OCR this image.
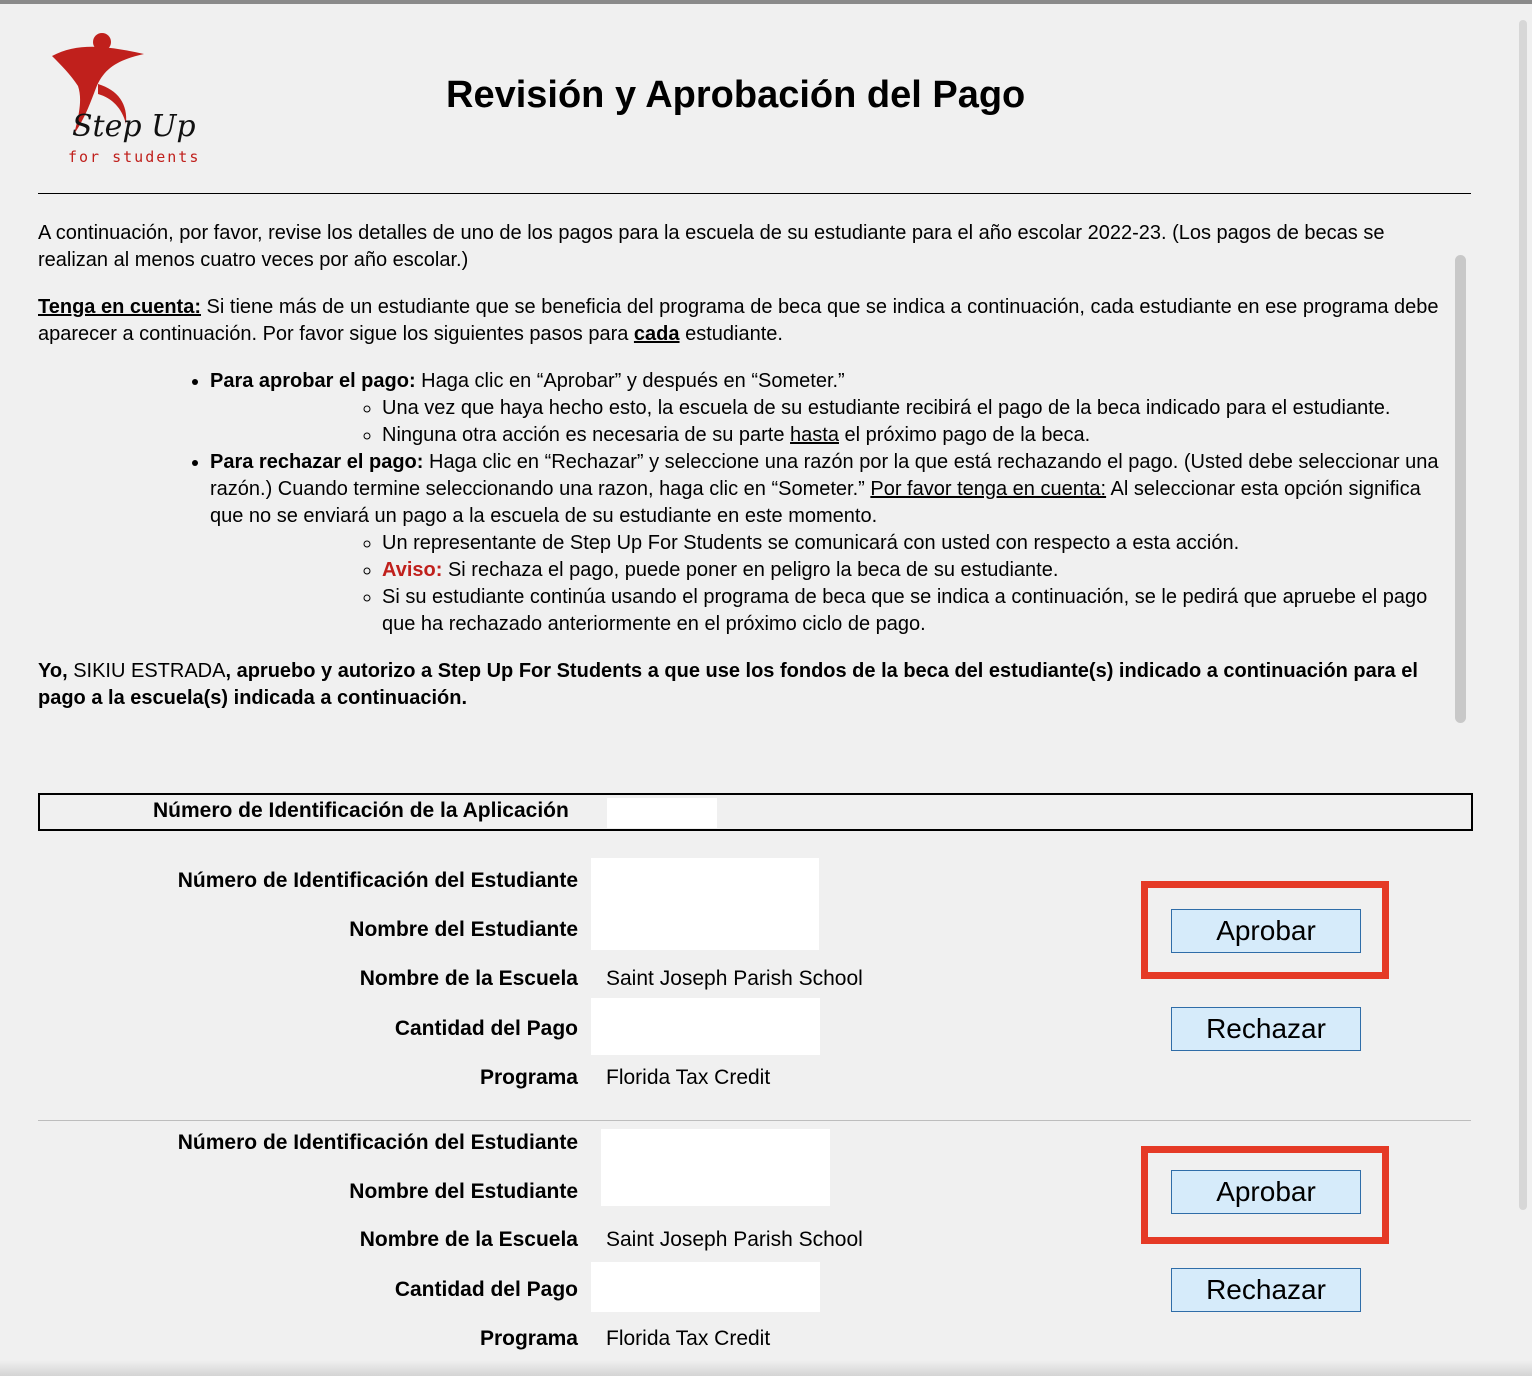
Step Up
for students
Revisión y Aprobación del Pago

A continuación, por favor, revise los detalles de uno de los pagos para la escuela de su estudiante para el año escolar 2022-23. (Los pagos de becas se realizan al menos cuatro veces por año escolar.)

Tenga en cuenta: Si tiene más de un estudiante que se beneficia del programa de beca que se indica a continuación, cada estudiante en ese programa debe aparecer a continuación. Por favor sigue los siguientes pasos para cada estudiante.

• Para aprobar el pago: Haga clic en “Aprobar” y después en “Someter.”
◦ Una vez que haya hecho esto, la escuela de su estudiante recibirá el pago de la beca indicado para el estudiante.
◦ Ninguna otra acción es necesaria de su parte hasta el próximo pago de la beca.
• Para rechazar el pago: Haga clic en “Rechazar” y seleccione una razón por la que está rechazando el pago. (Usted debe seleccionar una razón.) Cuando termine seleccionando una razon, haga clic en “Someter.” Por favor tenga en cuenta: Al seleccionar esta opción significa que no se enviará un pago a la escuela de su estudiante en este momento.
◦ Un representante de Step Up For Students se comunicará con usted con respecto a esta acción.
◦ Aviso: Si rechaza el pago, puede poner en peligro la beca de su estudiante.
◦ Si su estudiante continúa usando el programa de beca que se indica a continuación, se le pedirá que apruebe el pago que ha rechazado anteriormente en el próximo ciclo de pago.

Yo, SIKIU ESTRADA, apruebo y autorizo a Step Up For Students a que use los fondos de la beca del estudiante(s) indicado a continuación para el pago a la escuela(s) indicada a continuación.

Número de Identificación de la Aplicación
Número de Identificación del Estudiante
Nombre del Estudiante
Nombre de la Escuela Saint Joseph Parish School
Cantidad del Pago
Programa Florida Tax Credit
Aprobar
Rechazar
Número de Identificación del Estudiante
Nombre del Estudiante
Nombre de la Escuela Saint Joseph Parish School
Cantidad del Pago
Programa Florida Tax Credit
Aprobar
Rechazar
